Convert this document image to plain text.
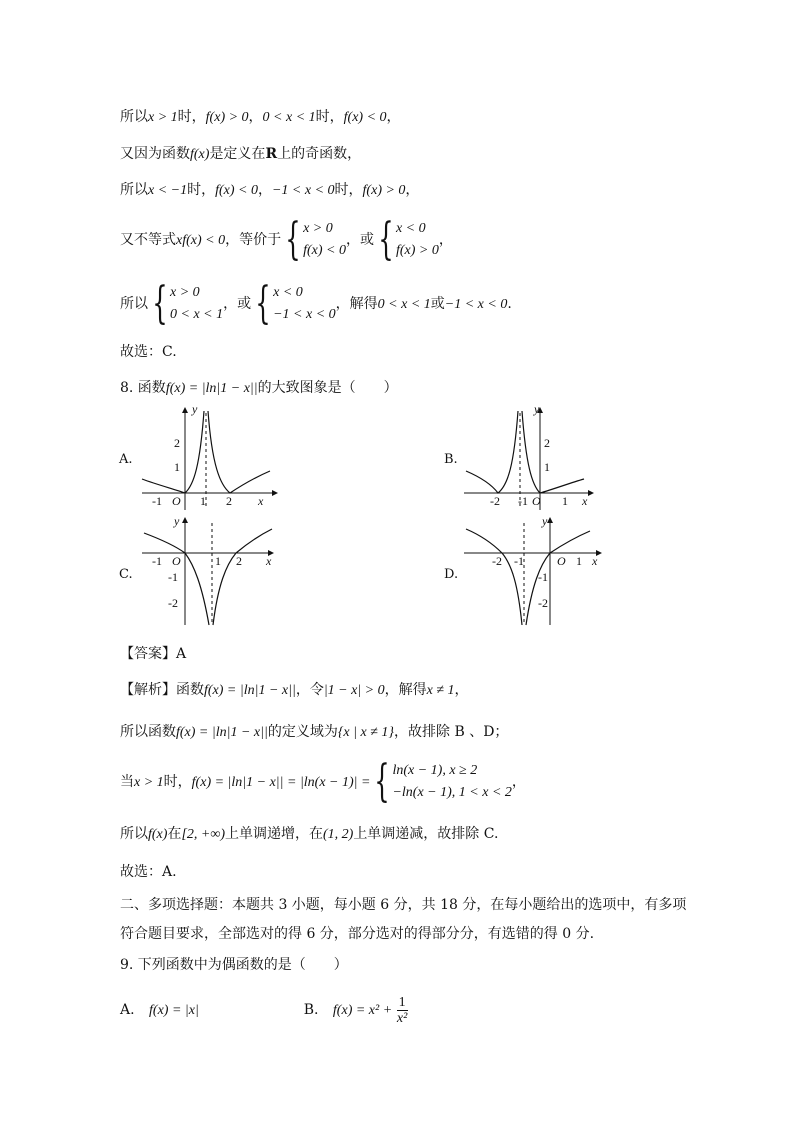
所以x > 1时，f(x) > 0，0 < x < 1时，f(x) < 0，
又因为函数f(x)是定义在R上的奇函数，
所以x < −1时，f(x) < 0，−1 < x < 0时，f(x) > 0，
又不等式xf(x) < 0，等价于{ x > 0
f(x) < 0
，或{ x < 0
f(x) > 0
，
所以{ x > 0
0 < x < 1
，或{ x < 0
−1 < x < 0
，解得0 < x < 1或−1 < x < 0.
故选：C.
8. 函数f(x) = |ln|1 − x||的大致图象是（　　）
A.
y
x
O
-1	1 2
1
2
B.
y
x
O
-2 -1	1
1
2
C.
y
x
O
-1	1 2
-1
-2
D.
y
x
O
-2 -1	1
-1
-2
【答案】A
【解析】函数f(x) = |ln|1 − x||，令|1 − x| > 0，解得x ≠ 1，
所以函数f(x) = |ln|1 − x||的定义域为{x | x ≠ 1}，故排除 B 、D；
当x > 1时，f(x) = |ln|1 − x|| = |ln(x − 1)| ={ ln(x − 1), x ≥ 2
−ln(x − 1), 1 < x < 2
，
所以f(x)在[2, +∞)上单调递增，在(1, 2)上单调递减，故排除 C.
故选：A.
二、多项选择题：本题共 3 小题，每小题 6 分，共 18 分，在每小题给出的选项中，有多项
符合题目要求，全部选对的得 6 分，部分选对的得部分分，有选错的得 0 分.
9. 下列函数中为偶函数的是（　　）
A. f(x) = |x|	B. $f(x) = x^2 + \frac{1}{\text{x²}}$
